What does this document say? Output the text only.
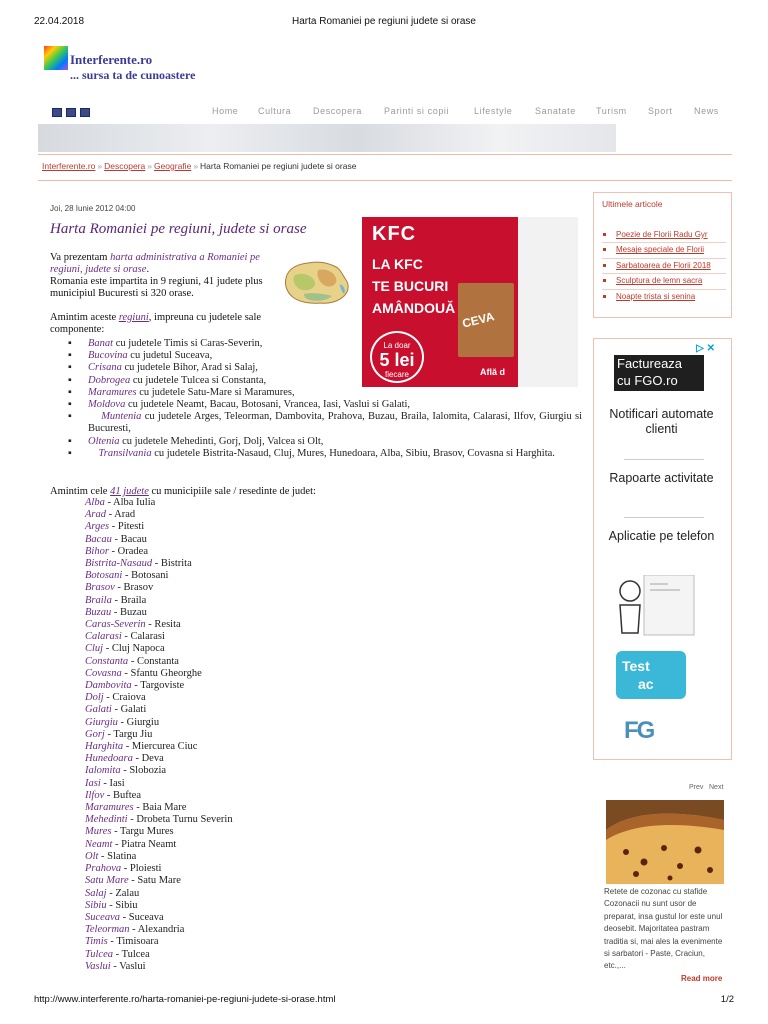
22.04.2018	Harta Romaniei pe regiuni judete si orase
Interferente.ro
... sursa ta de cunoastere
Home	Cultura	Descopera	Parinti si copii	Lifestyle	Sanatate	Turism	Sport	News
Interferente.ro » Descopera » Geografie » Harta Romaniei pe regiuni judete si orase
Joi, 28 Iunie 2012 04:00
Harta Romaniei pe regiuni, judete si orase	KFC
LA KFC
TE BUCURI
AMÂNDOUĂ
CEVA
La doar
5 lei
fiecare	Află d
Va prezentam harta administrativa a Romaniei pe regiuni, judete si orase.
Romania este impartita in 9 regiuni, 41 judete plus municipiul Bucuresti si 320 orase.
Amintim aceste regiuni, impreuna cu judetele sale componente:
▪ Banat cu judetele Timis si Caras-Severin,
▪ Bucovina cu judetul Suceava,
▪ Crisana cu judetele Bihor, Arad si Salaj,
▪ Dobrogea cu judetele Tulcea si Constanta,
▪ Maramures cu judetele Satu-Mare si Maramures,
▪ Moldova cu judetele Neamt, Bacau, Botosani, Vrancea, Iasi, Vaslui si Galati,
▪	Muntenia cu judetele Arges, Teleorman, Dambovita, Prahova, Buzau, Braila, Ialomita, Calarasi, Ilfov, Giurgiu si Bucuresti,
▪ Oltenia cu judetele Mehedinti, Gorj, Dolj, Valcea si Olt,
▪	Transilvania cu judetele Bistrita-Nasaud, Cluj, Mures, Hunedoara, Alba, Sibiu, Brasov, Covasna si Harghita.
Amintim cele 41 judete cu municipiile sale / resedinte de judet:
Alba - Alba Iulia
Arad - Arad
Arges - Pitesti
Bacau - Bacau
Bihor - Oradea
Bistrita-Nasaud - Bistrita
Botosani - Botosani
Brasov - Brasov
Braila - Braila
Buzau - Buzau
Caras-Severin - Resita
Calarasi - Calarasi
Cluj - Cluj Napoca
Constanta - Constanta
Covasna - Sfantu Gheorghe
Dambovita - Targoviste
Dolj - Craiova
Galati - Galati
Giurgiu - Giurgiu
Gorj - Targu Jiu
Harghita - Miercurea Ciuc
Hunedoara - Deva
Ialomita - Slobozia
Iasi - Iasi
Ilfov - Buftea
Maramures - Baia Mare
Mehedinti - Drobeta Turnu Severin
Mures - Targu Mures
Neamt - Piatra Neamt
Olt - Slatina
Prahova - Ploiesti
Satu Mare - Satu Mare
Salaj - Zalau
Sibiu - Sibiu
Suceava - Suceava
Teleorman - Alexandria
Timis - Timisoara
Tulcea - Tulcea
Vaslui - Vaslui
Ultimele articole
Poezie de Florii Radu Gyr
Mesaje speciale de Florii
Sarbatoarea de Florii 2018
Sculptura de lemn sacra
Noapte trista si senina
▷ ✕
Factureaza
cu FGO.ro
Notificari automate clienti
Rapoarte activitate
Aplicatie pe telefon
Test
ac
FG
Prev Next
Retete de cozonac cu stafide
Cozonacii nu sunt usor de preparat, insa gustul lor este unul deosebit. Majoritatea pastram traditia si, mai ales la evenimente si sarbatori - Paste, Craciun, etc.,...
Read more
http://www.interferente.ro/harta-romaniei-pe-regiuni-judete-si-orase.html	1/2
